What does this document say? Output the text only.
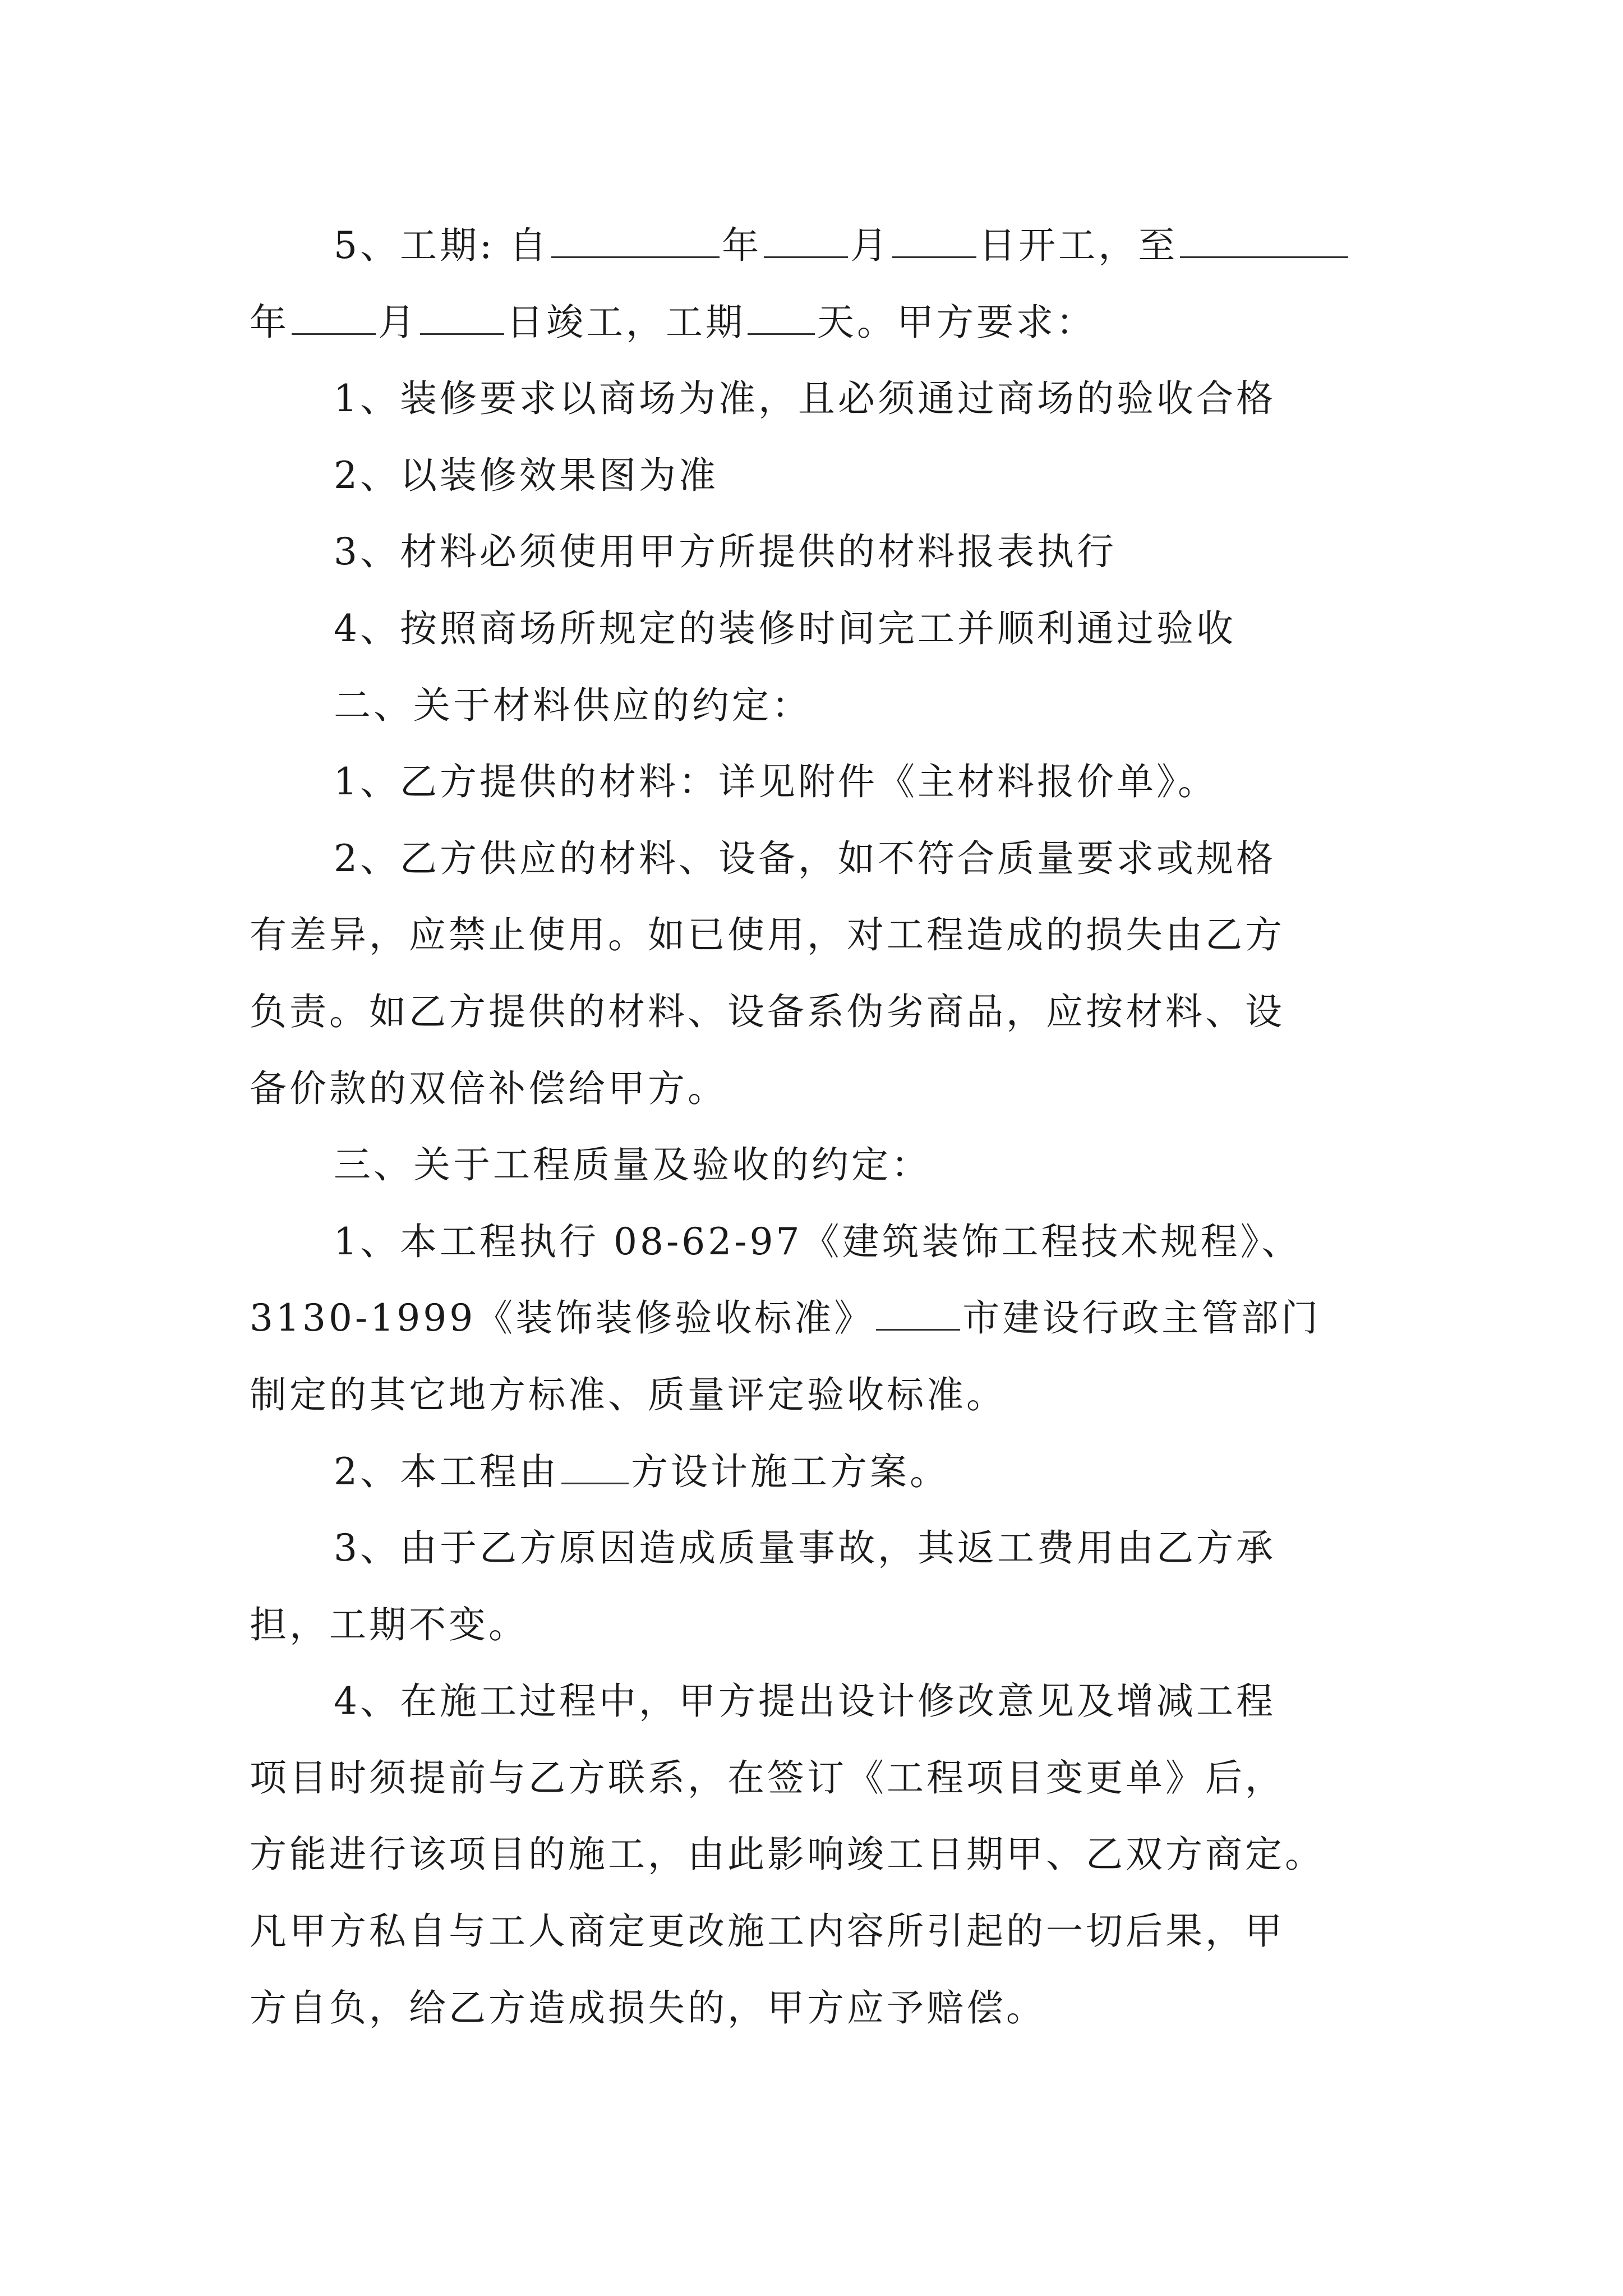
5、工期: 自	年 月 日开工，至

年 月 日竣工，工期 天。甲方要求：

1、装修要求以商场为准，且必须通过商场的验收合格

2、以装修效果图为准

3、材料必须使用甲方所提供的材料报表执行

4、按照商场所规定的装修时间完工并顺利通过验收

二、关于材料供应的约定：

1、乙方提供的材料：详见附件《主材料报价单》。

2、乙方供应的材料、设备，如不符合质量要求或规格

有差异，应禁止使用。如已使用，对工程造成的损失由乙方

负责。如乙方提供的材料、设备系伪劣商品，应按材料、设

备价款的双倍补偿给甲方。

三、关于工程质量及验收的约定：

1、本工程执行 08-62-97《建筑装饰工程技术规程》、

3130-1999《装饰装修验收标准》 市建设行政主管部门

制定的其它地方标准、质量评定验收标准。

2、本工程由 方设计施工方案。

3、由于乙方原因造成质量事故，其返工费用由乙方承

担，工期不变。

4、在施工过程中，甲方提出设计修改意见及增减工程

项目时须提前与乙方联系，在签订《工程项目变更单》后，

方能进行该项目的施工，由此影响竣工日期甲、乙双方商定。

凡甲方私自与工人商定更改施工内容所引起的一切后果，甲

方自负，给乙方造成损失的，甲方应予赔偿。
